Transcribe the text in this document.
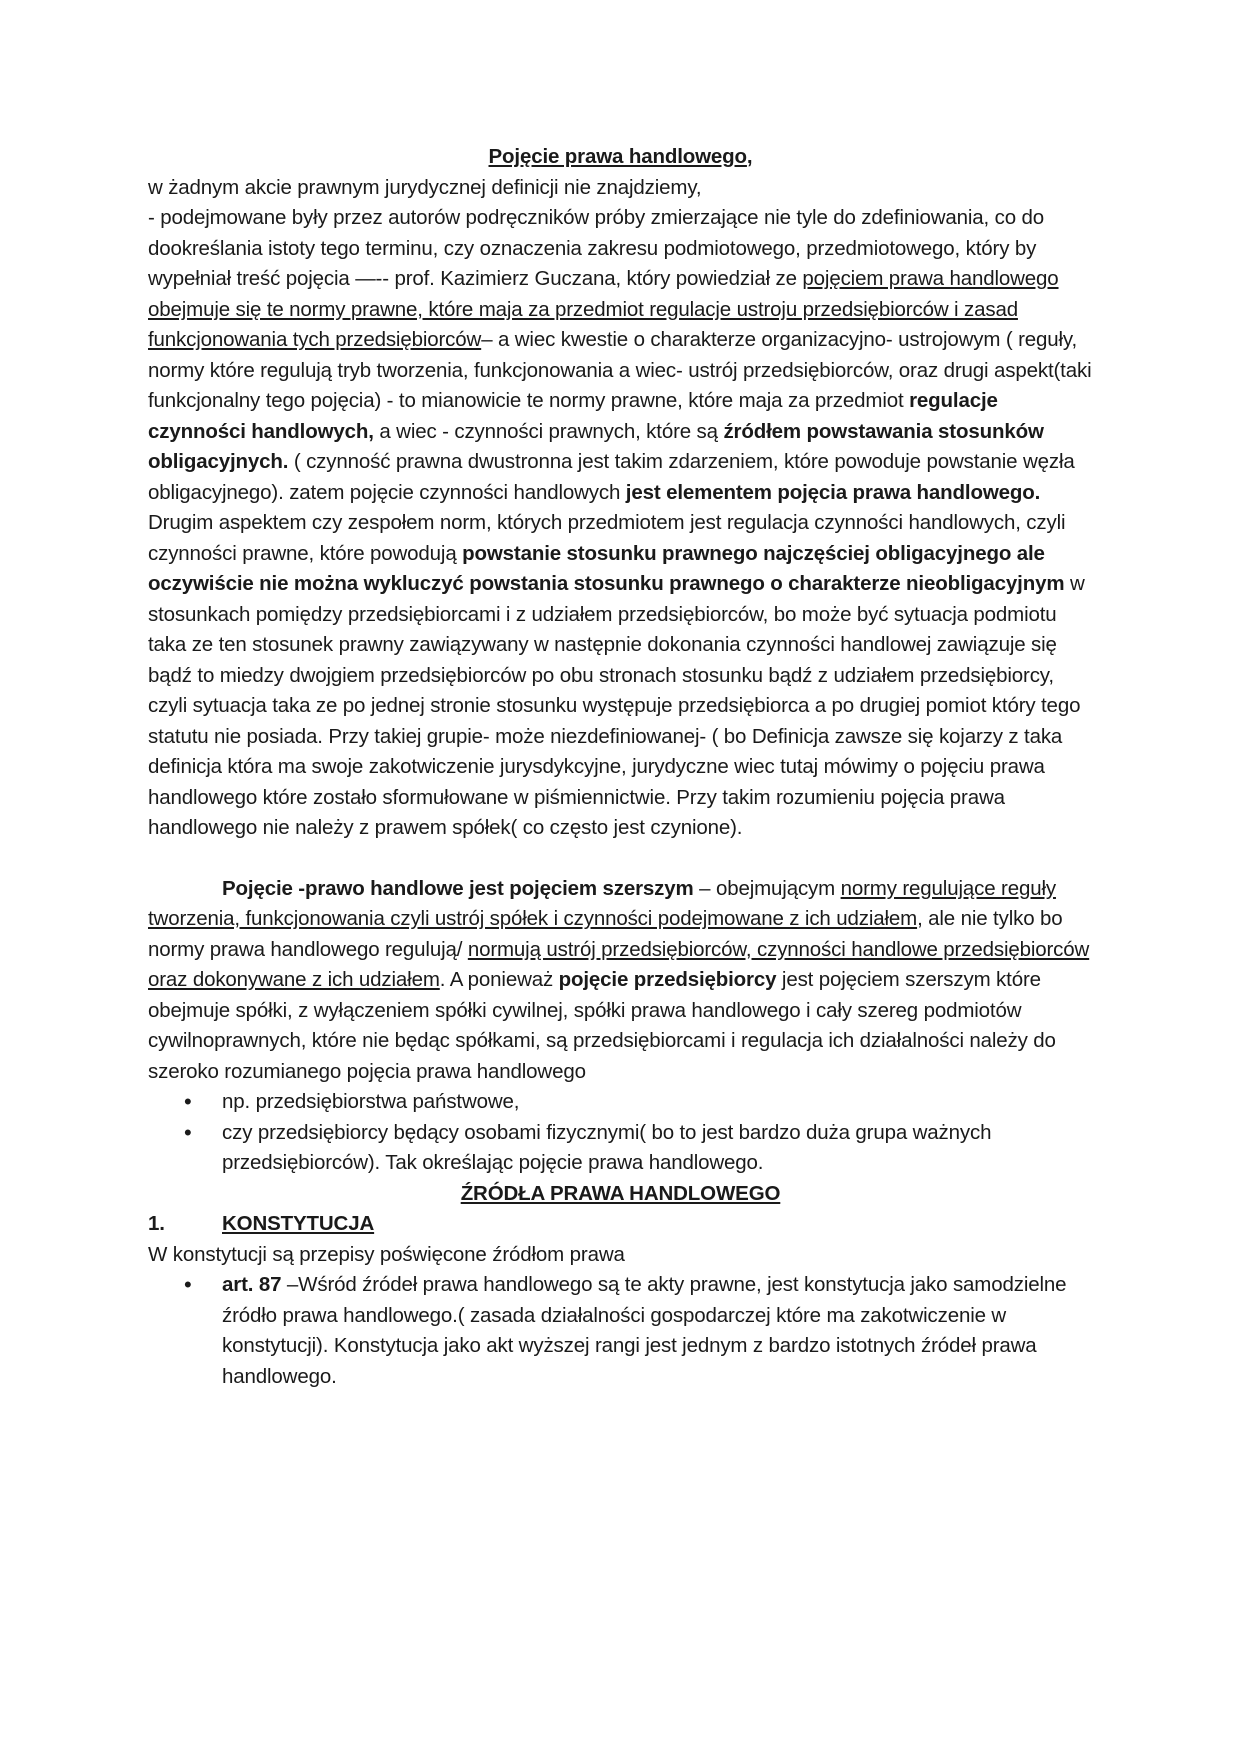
Pojęcie prawa handlowego,

w żadnym akcie prawnym jurydycznej definicji nie znajdziemy,

- podejmowane były przez autorów podręczników próby zmierzające nie tyle do zdefiniowania, co do dookreślania istoty tego terminu, czy oznaczenia zakresu podmiotowego, przedmiotowego, który by wypełniał treść pojęcia —-- prof. Kazimierz Guczana, który powiedział ze pojęciem prawa handlowego obejmuje się te normy prawne, które maja za przedmiot regulacje ustroju przedsiębiorców i zasad funkcjonowania tych przedsiębiorców– a wiec kwestie o charakterze organizacyjno- ustrojowym ( reguły, normy które regulują tryb tworzenia, funkcjonowania a wiec- ustrój przedsiębiorców, oraz drugi aspekt(taki funkcjonalny tego pojęcia) - to mianowicie te normy prawne, które maja za przedmiot regulacje czynności handlowych, a wiec - czynności prawnych, które są źródłem powstawania stosunków obligacyjnych. ( czynność prawna dwustronna jest takim zdarzeniem, które powoduje powstanie węzła obligacyjnego). zatem pojęcie czynności handlowych jest elementem pojęcia prawa handlowego. Drugim aspektem czy zespołem norm, których przedmiotem jest regulacja czynności handlowych, czyli czynności prawne, które powodują powstanie stosunku prawnego najczęściej obligacyjnego ale oczywiście nie można wykluczyć powstania stosunku prawnego o charakterze nieobligacyjnym w stosunkach pomiędzy przedsiębiorcami i z udziałem przedsiębiorców, bo może być sytuacja podmiotu taka ze ten stosunek prawny zawiązywany w następnie dokonania czynności handlowej zawiązuje się bądź to miedzy dwojgiem przedsiębiorców po obu stronach stosunku bądź z udziałem przedsiębiorcy, czyli sytuacja taka ze po jednej stronie stosunku występuje przedsiębiorca a po drugiej pomiot który tego statutu nie posiada. Przy takiej grupie- może niezdefiniowanej- ( bo Definicja zawsze się kojarzy z taka definicja która ma swoje zakotwiczenie jurysdykcyjne, jurydyczne wiec tutaj mówimy o pojęciu prawa handlowego które zostało sformułowane w piśmiennictwie. Przy takim rozumieniu pojęcia prawa handlowego nie należy z prawem spółek( co często jest czynione).

Pojęcie -prawo handlowe jest pojęciem szerszym – obejmującym normy regulujące reguły tworzenia, funkcjonowania czyli ustrój spółek i czynności podejmowane z ich udziałem, ale nie tylko bo normy prawa handlowego regulują/ normują ustrój przedsiębiorców, czynności handlowe przedsiębiorców oraz dokonywane z ich udziałem. A ponieważ pojęcie przedsiębiorcy jest pojęciem szerszym które obejmuje spółki, z wyłączeniem spółki cywilnej, spółki prawa handlowego i cały szereg podmiotów cywilnoprawnych, które nie będąc spółkami, są przedsiębiorcami i regulacja ich działalności należy do szeroko rozumianego pojęcia prawa handlowego

• np. przedsiębiorstwa państwowe,
• czy przedsiębiorcy będący osobami fizycznymi( bo to jest bardzo duża grupa ważnych przedsiębiorców). Tak określając pojęcie prawa handlowego.

ŹRÓDŁA PRAWA HANDLOWEGO

1.	KONSTYTUCJA

W konstytucji są przepisy poświęcone źródłom prawa

• art. 87 –Wśród źródeł prawa handlowego są te akty prawne, jest konstytucja jako samodzielne źródło prawa handlowego.( zasada działalności gospodarczej które ma zakotwiczenie w konstytucji). Konstytucja jako akt wyższej rangi jest jednym z bardzo istotnych źródeł prawa handlowego.
